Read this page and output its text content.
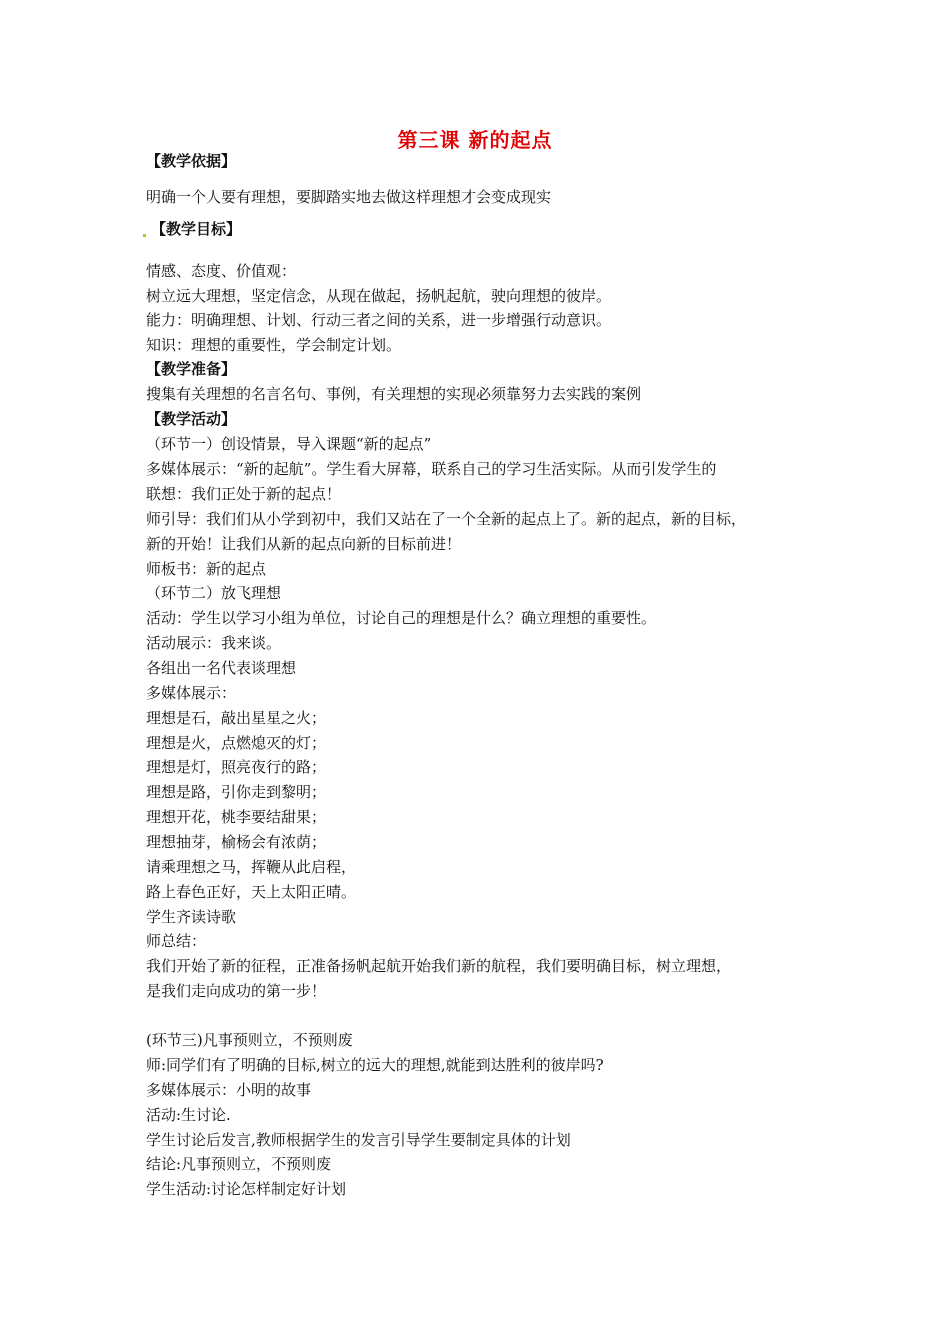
第三课 新的起点
【教学依据】
明确一个人要有理想，要脚踏实地去做这样理想才会变成现实
【教学目标】
情感、态度、价值观：
树立远大理想，坚定信念，从现在做起，扬帆起航，驶向理想的彼岸。
能力：明确理想、计划、行动三者之间的关系，进一步增强行动意识。
知识：理想的重要性，学会制定计划。
【教学准备】
搜集有关理想的名言名句、事例，有关理想的实现必须靠努力去实践的案例
【教学活动】
（环节一）创设情景，导入课题“新的起点”
多媒体展示：“新的起航”。学生看大屏幕，联系自己的学习生活实际。从而引发学生的
联想：我们正处于新的起点！
师引导：我们们从小学到初中，我们又站在了一个全新的起点上了。新的起点，新的目标，
新的开始！让我们从新的起点向新的目标前进！
师板书：新的起点
（环节二）放飞理想
活动：学生以学习小组为单位，讨论自己的理想是什么？确立理想的重要性。
活动展示：我来谈。
各组出一名代表谈理想
多媒体展示：
理想是石，敲出星星之火；
理想是火，点燃熄灭的灯；
理想是灯，照亮夜行的路；
理想是路，引你走到黎明；
理想开花，桃李要结甜果；
理想抽芽，榆杨会有浓荫；
请乘理想之马，挥鞭从此启程，
路上春色正好，天上太阳正晴。
学生齐读诗歌
师总结：
我们开始了新的征程，正准备扬帆起航开始我们新的航程，我们要明确目标，树立理想，
是我们走向成功的第一步！
(环节三)凡事预则立，不预则废
师:同学们有了明确的目标,树立的远大的理想,就能到达胜利的彼岸吗?
多媒体展示：小明的故事
活动:生讨论.
学生讨论后发言,教师根据学生的发言引导学生要制定具体的计划
结论:凡事预则立，不预则废
学生活动:讨论怎样制定好计划
